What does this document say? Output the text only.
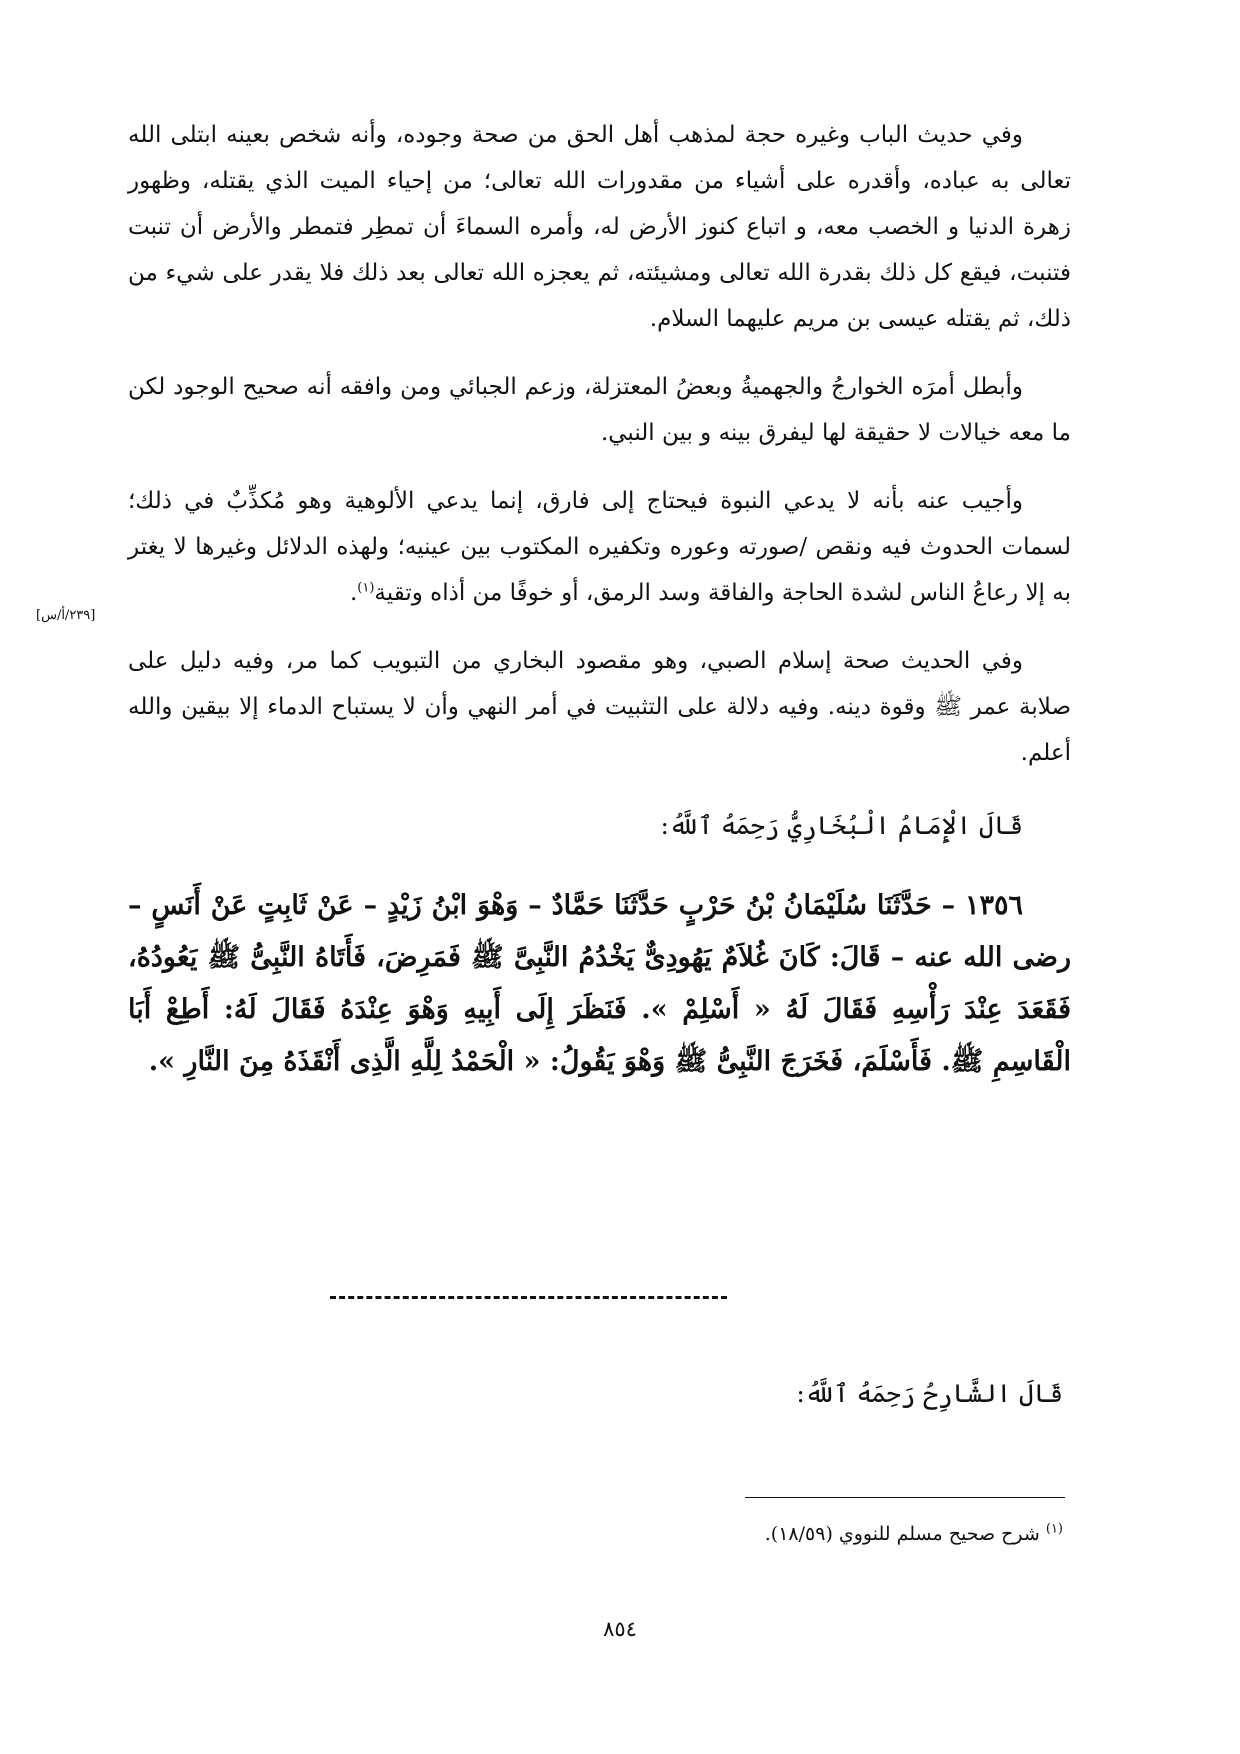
وفي حديث الباب وغيره حجة لمذهب أهل الحق من صحة وجوده، وأنه شخص بعينه ابتلى الله تعالى به عباده، وأقدره على أشياء من مقدورات الله تعالى؛ من إحياء الميت الذي يقتله، وظهور زهرة الدنيا و الخصب معه، و اتباع كنوز الأرض له، وأمره السماءَ أن تمطِر فتمطر والأرض أن تنبت فتنبت، فيقع كل ذلك بقدرة الله تعالى ومشيئته، ثم يعجزه الله تعالى بعد ذلك فلا يقدر على شيء من ذلك، ثم يقتله عيسى بن مريم عليهما السلام.

وأبطل أمرَه الخوارجُ والجهميةُ وبعضُ المعتزلة، وزعم الجبائي ومن وافقه أنه صحيح الوجود لكن ما معه خيالات لا حقيقة لها ليفرق بينه و بين النبي.

وأجيب عنه بأنه لا يدعي النبوة فيحتاج إلى فارق، إنما يدعي الألوهية وهو مُكذِّبٌ في ذلك؛ لسمات الحدوث فيه ونقص /صورته وعوره وتكفيره المكتوب بين عينيه؛ ولهذه الدلائل وغيرها لا يغتر به إلا رعاعُ الناس لشدة الحاجة والفاقة وسد الرمق، أو خوفًا من أذاه وتقية$^{(١)}$.

وفي الحديث صحة إسلام الصبي، وهو مقصود البخاري من التبويب كما مر، وفيه دليل على صلابة عمر ﷺ وقوة دينه. وفيه دلالة على التثبيت في أمر النهي وأن لا يستباح الدماء إلا بيقين والله أعلم.

قَالَ الْإِمَامُ الْبُخَارِيُّ رَحِمَهُ ٱللَّهُ:

١٣٥٦ – حَدَّثَنَا سُلَيْمَانُ بْنُ حَرْبٍ حَدَّثَنَا حَمَّادٌ – وَهْوَ ابْنُ زَيْدٍ – عَنْ ثَابِتٍ عَنْ أَنَسٍ – رضى الله عنه – قَالَ: كَانَ غُلاَمٌ يَهُودِىٌّ يَخْدُمُ النَّبِىَّ ﷺ فَمَرِضَ، فَأَتَاهُ النَّبِىُّ ﷺ يَعُودُهُ، فَقَعَدَ عِنْدَ رَأْسِهِ فَقَالَ لَهُ « أَسْلِمْ ». فَنَظَرَ إِلَى أَبِيهِ وَهْوَ عِنْدَهُ فَقَالَ لَهُ: أَطِعْ أَبَا الْقَاسِمِ ﷺ. فَأَسْلَمَ، فَخَرَجَ النَّبِىُّ ﷺ وَهْوَ يَقُولُ: « الْحَمْدُ لِلَّهِ الَّذِى أَنْقَذَهُ مِنَ النَّارِ ».

[٢٣٩/أ/س]
قَالَ الشَّارِحُ رَحِمَهُ ٱللَّهُ:
$^{(١)}$ شرح صحيح مسلم للنووي (١٨/٥٩).
٨٥٤
